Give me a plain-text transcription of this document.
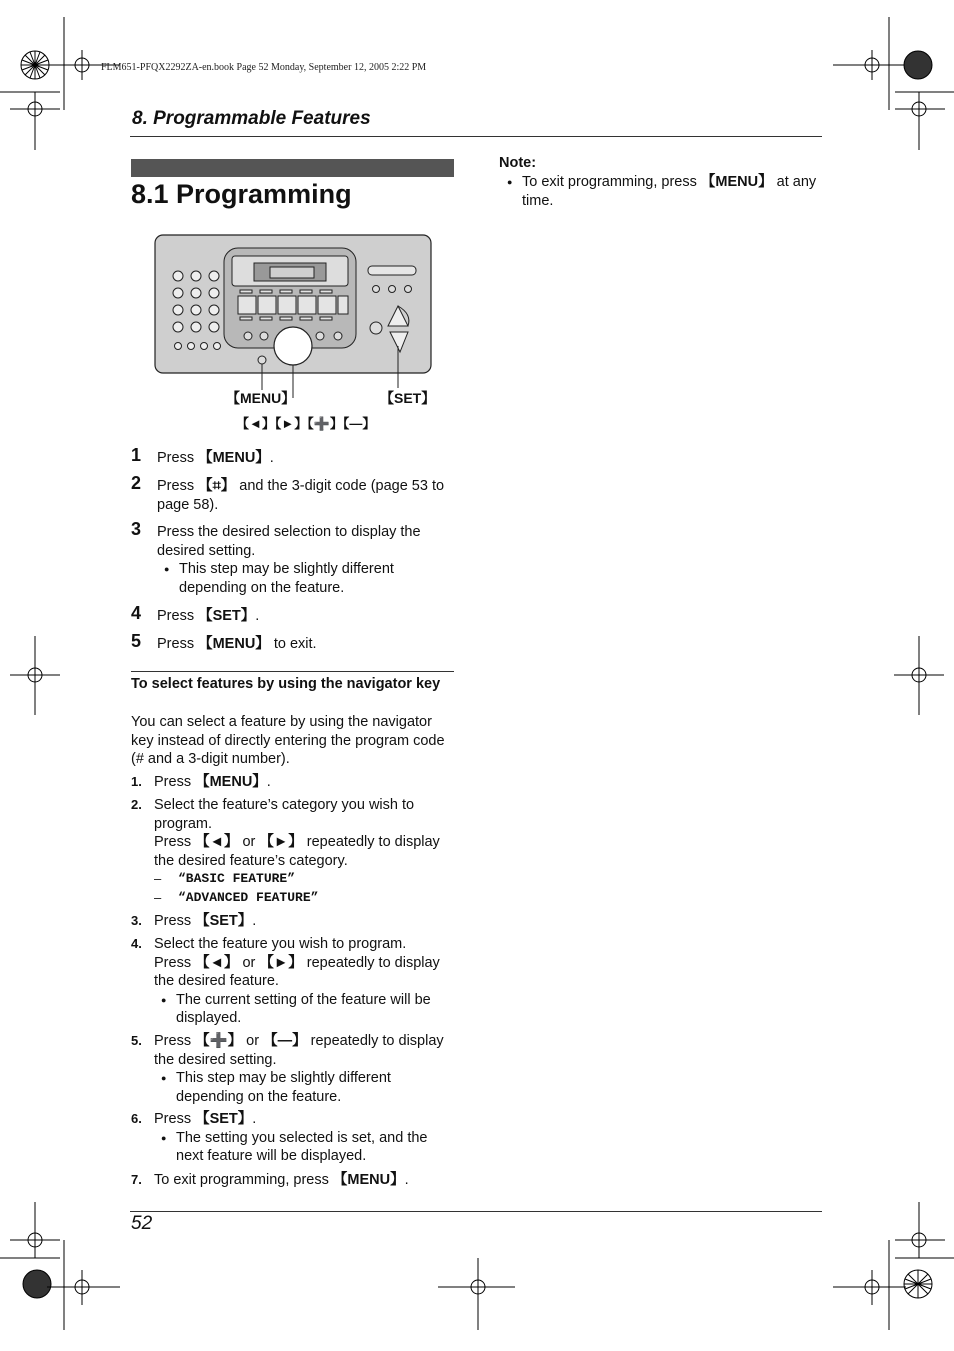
FLM651-PFQX2292ZA-en.book Page 52 Monday, September 12, 2005 2:22 PM
8. Programmable Features
8.1 Programming
【MENU】	【SET】
【◄】【►】【➕】【—】
1 Press 【MENU】.
2 Press 【⌗】 and the 3-digit code (page 53 to page 58).
3 Press the desired selection to display the desired setting.
● This step may be slightly different depending on the feature.
4 Press 【SET】.
5 Press 【MENU】 to exit.
To select features by using the navigator key
You can select a feature by using the navigator key instead of directly entering the program code (# and a 3-digit number).
1. Press 【MENU】.
2. Select the feature’s category you wish to program.
Press 【◄】 or 【►】 repeatedly to display the desired feature’s category.
– “BASIC FEATURE”
– “ADVANCED FEATURE”
3. Press 【SET】.
4. Select the feature you wish to program.
Press 【◄】 or 【►】 repeatedly to display the desired feature.
● The current setting of the feature will be displayed.
5. Press 【➕】 or 【—】 repeatedly to display the desired setting.
● This step may be slightly different depending on the feature.
6. Press 【SET】.
● The setting you selected is set, and the next feature will be displayed.
7. To exit programming, press 【MENU】.
Note:
● To exit programming, press 【MENU】 at any time.
52
